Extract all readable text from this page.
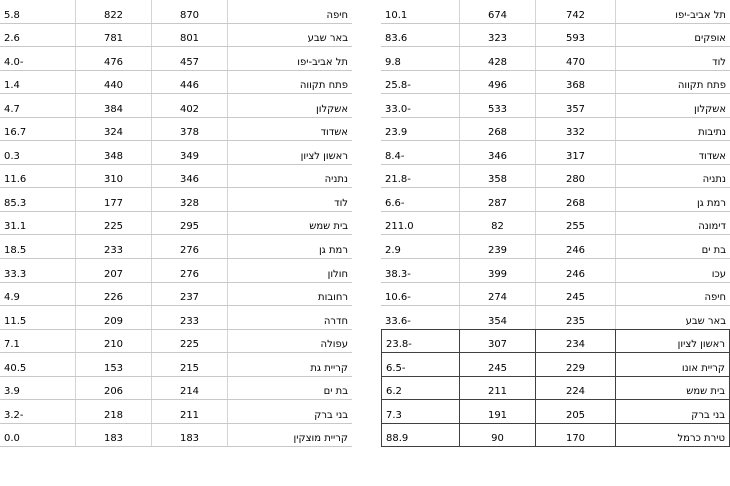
5.8	822	870	חיפה
2.6	781	801	באר שבע
4.0-	476	457	תל אביב-יפו
1.4	440	446	פתח תקווה
4.7	384	402	אשקלון
16.7	324	378	אשדוד
0.3	348	349	ראשון לציון
11.6	310	346	נתניה
85.3	177	328	לוד
31.1	225	295	בית שמש
18.5	233	276	רמת גן
33.3	207	276	חולון
4.9	226	237	רחובות
11.5	209	233	חדרה
7.1	210	225	עפולה
40.5	153	215	קריית גת
3.9	206	214	בת ים
3.2-	218	211	בני ברק
0.0	183	183	קריית מוצקין
10.1	674	742	תל אביב-יפו
83.6	323	593	אופקים
9.8	428	470	לוד
25.8-	496	368	פתח תקווה
33.0-	533	357	אשקלון
23.9	268	332	נתיבות
8.4-	346	317	אשדוד
21.8-	358	280	נתניה
6.6-	287	268	רמת גן
211.0	82	255	דימונה
2.9	239	246	בת ים
38.3-	399	246	עכו
10.6-	274	245	חיפה
33.6-	354	235	באר שבע
23.8-	307	234	ראשון לציון
6.5-	245	229	קריית אונו
6.2	211	224	בית שמש
7.3	191	205	בני ברק
88.9	90	170	טירת כרמל
